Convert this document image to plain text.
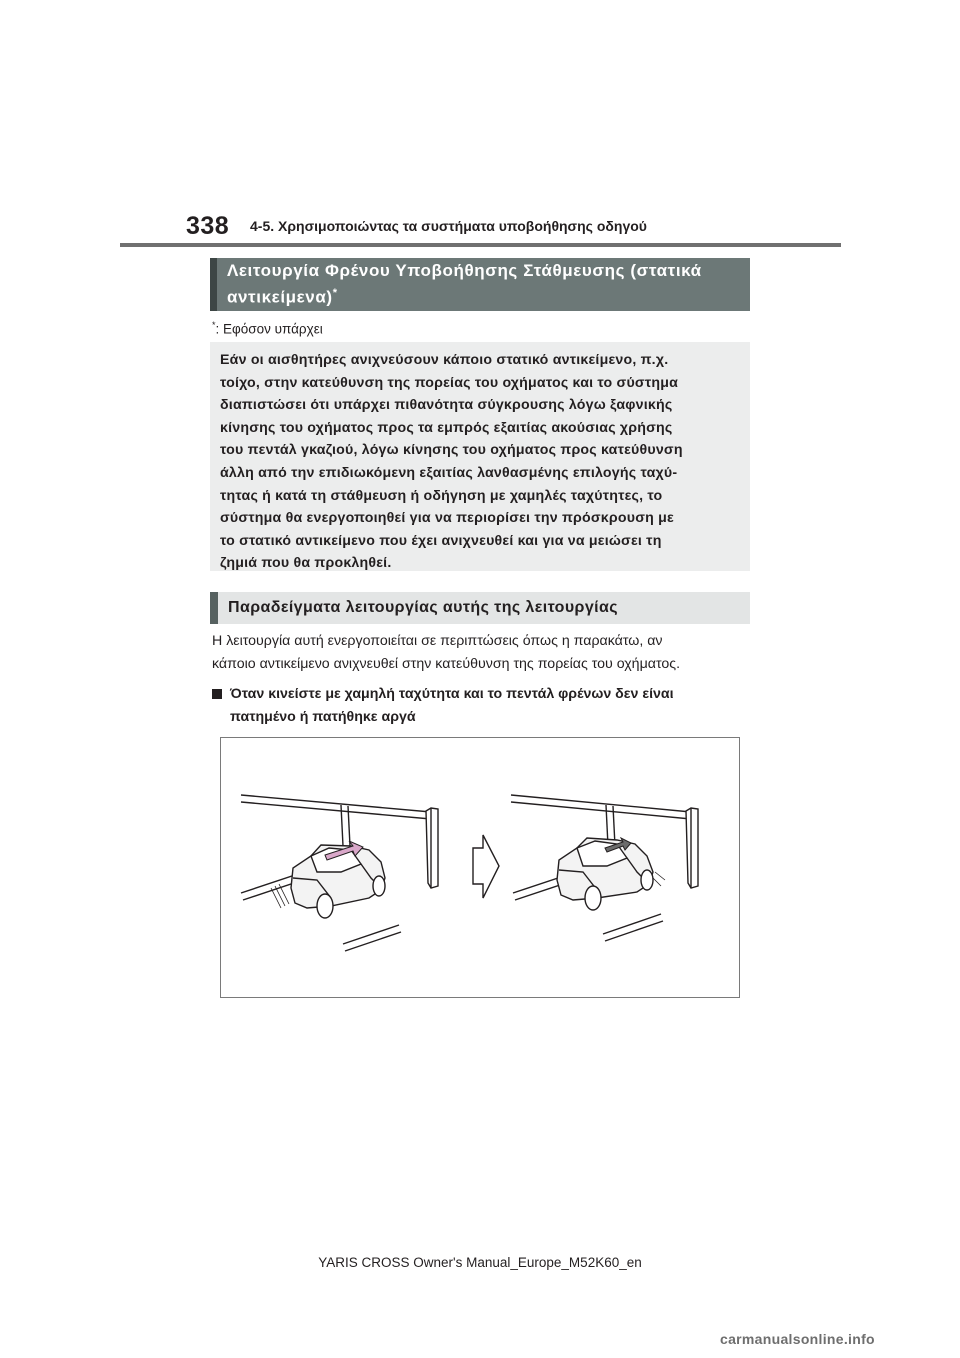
338 4-5. Χρησιμοποιώντας τα συστήματα υποβοήθησης οδηγού
Λειτουργία Φρένου Υποβοήθησης Στάθμευσης (στατικά αντικείμενα)*
*: Εφόσον υπάρχει
Εάν οι αισθητήρες ανιχνεύσουν κάποιο στατικό αντικείμενο, π.χ.
τοίχο, στην κατεύθυνση της πορείας του οχήματος και το σύστημα
διαπιστώσει ότι υπάρχει πιθανότητα σύγκρουσης λόγω ξαφνικής
κίνησης του οχήματος προς τα εμπρός εξαιτίας ακούσιας χρήσης
του πεντάλ γκαζιού, λόγω κίνησης του οχήματος προς κατεύθυνση
άλλη από την επιδιωκόμενη εξαιτίας λανθασμένης επιλογής ταχύ-
τητας ή κατά τη στάθμευση ή οδήγηση με χαμηλές ταχύτητες, το
σύστημα θα ενεργοποιηθεί για να περιορίσει την πρόσκρουση με
το στατικό αντικείμενο που έχει ανιχνευθεί και για να μειώσει τη
ζημιά που θα προκληθεί.
Παραδείγματα λειτουργίας αυτής της λειτουργίας
Η λειτουργία αυτή ενεργοποιείται σε περιπτώσεις όπως η παρακάτω, αν
κάποιο αντικείμενο ανιχνευθεί στην κατεύθυνση της πορείας του οχήματος.
Όταν κινείστε με χαμηλή ταχύτητα και το πεντάλ φρένων δεν είναι
πατημένο ή πατήθηκε αργά
YARIS CROSS Owner's Manual_Europe_M52K60_en
carmanualsonline.info
